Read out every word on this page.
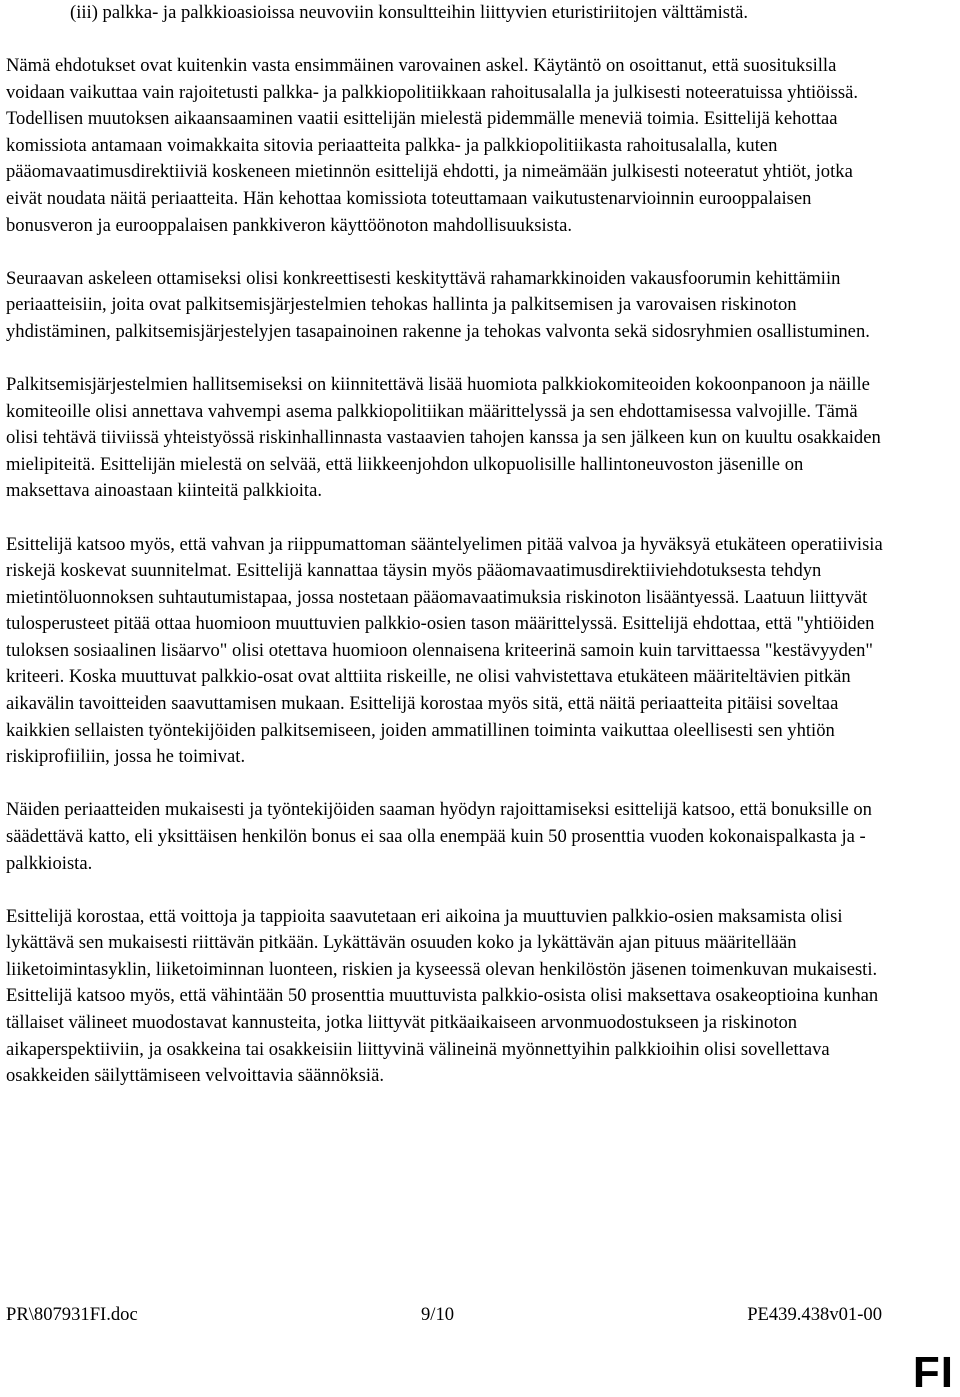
(iii) palkka- ja palkkioasioissa neuvoviin konsultteihin liittyvien eturistiriitojen välttämistä.

Nämä ehdotukset ovat kuitenkin vasta ensimmäinen varovainen askel. Käytäntö on osoittanut, että suosituksilla voidaan vaikuttaa vain rajoitetusti palkka- ja palkkiopolitiikkaan rahoitusalalla ja julkisesti noteeratuissa yhtiöissä. Todellisen muutoksen aikaansaaminen vaatii esittelijän mielestä pidemmälle meneviä toimia. Esittelijä kehottaa komissiota antamaan voimakkaita sitovia periaatteita palkka- ja palkkiopolitiikasta rahoitusalalla, kuten pääomavaatimusdirektiiviä koskeneen mietinnön esittelijä ehdotti, ja nimeämään julkisesti noteeratut yhtiöt, jotka eivät noudata näitä periaatteita. Hän kehottaa komissiota toteuttamaan vaikutustenarvioinnin eurooppalaisen bonusveron ja eurooppalaisen pankkiveron käyttöönoton mahdollisuuksista.

Seuraavan askeleen ottamiseksi olisi konkreettisesti keskityttävä rahamarkkinoiden vakausfoorumin kehittämiin periaatteisiin, joita ovat palkitsemisjärjestelmien tehokas hallinta ja palkitsemisen ja varovaisen riskinoton yhdistäminen, palkitsemisjärjestelyjen tasapainoinen rakenne ja tehokas valvonta sekä sidosryhmien osallistuminen.

Palkitsemisjärjestelmien hallitsemiseksi on kiinnitettävä lisää huomiota palkkiokomiteoiden kokoonpanoon ja näille komiteoille olisi annettava vahvempi asema palkkiopolitiikan määrittelyssä ja sen ehdottamisessa valvojille. Tämä olisi tehtävä tiiviissä yhteistyössä riskinhallinnasta vastaavien tahojen kanssa ja sen jälkeen kun on kuultu osakkaiden mielipiteitä. Esittelijän mielestä on selvää, että liikkeenjohdon ulkopuolisille hallintoneuvoston jäsenille on maksettava ainoastaan kiinteitä palkkioita.

Esittelijä katsoo myös, että vahvan ja riippumattoman sääntelyelimen pitää valvoa ja hyväksyä etukäteen operatiivisia riskejä koskevat suunnitelmat. Esittelijä kannattaa täysin myös pääomavaatimusdirektiiviehdotuksesta tehdyn mietintöluonnoksen suhtautumistapaa, jossa nostetaan pääomavaatimuksia riskinoton lisääntyessä. Laatuun liittyvät tulosperusteet pitää ottaa huomioon muuttuvien palkkio-osien tason määrittelyssä. Esittelijä ehdottaa, että "yhtiöiden tuloksen sosiaalinen lisäarvo" olisi otettava huomioon olennaisena kriteerinä samoin kuin tarvittaessa "kestävyyden" kriteeri. Koska muuttuvat palkkio-osat ovat alttiita riskeille, ne olisi vahvistettava etukäteen määriteltävien pitkän aikavälin tavoitteiden saavuttamisen mukaan. Esittelijä korostaa myös sitä, että näitä periaatteita pitäisi soveltaa kaikkien sellaisten työntekijöiden palkitsemiseen, joiden ammatillinen toiminta vaikuttaa oleellisesti sen yhtiön riskiprofiiliin, jossa he toimivat.

Näiden periaatteiden mukaisesti ja työntekijöiden saaman hyödyn rajoittamiseksi esittelijä katsoo, että bonuksille on säädettävä katto, eli yksittäisen henkilön bonus ei saa olla enempää kuin 50 prosenttia vuoden kokonaispalkasta ja -palkkioista.

Esittelijä korostaa, että voittoja ja tappioita saavutetaan eri aikoina ja muuttuvien palkkio-osien maksamista olisi lykättävä sen mukaisesti riittävän pitkään. Lykättävän osuuden koko ja lykättävän ajan pituus määritellään liiketoimintasyklin, liiketoiminnan luonteen, riskien ja kyseessä olevan henkilöstön jäsenen toimenkuvan mukaisesti. Esittelijä katsoo myös, että vähintään 50 prosenttia muuttuvista palkkio-osista olisi maksettava osakeoptioina kunhan tällaiset välineet muodostavat kannusteita, jotka liittyvät pitkäaikaiseen arvonmuodostukseen ja riskinoton aikaperspektiiviin, ja osakkeina tai osakkeisiin liittyvinä välineinä myönnettyihin palkkioihin olisi sovellettava osakkeiden säilyttämiseen velvoittavia säännöksiä.

PR\807931FI.doc	9/10	PE439.438v01-00
FI
